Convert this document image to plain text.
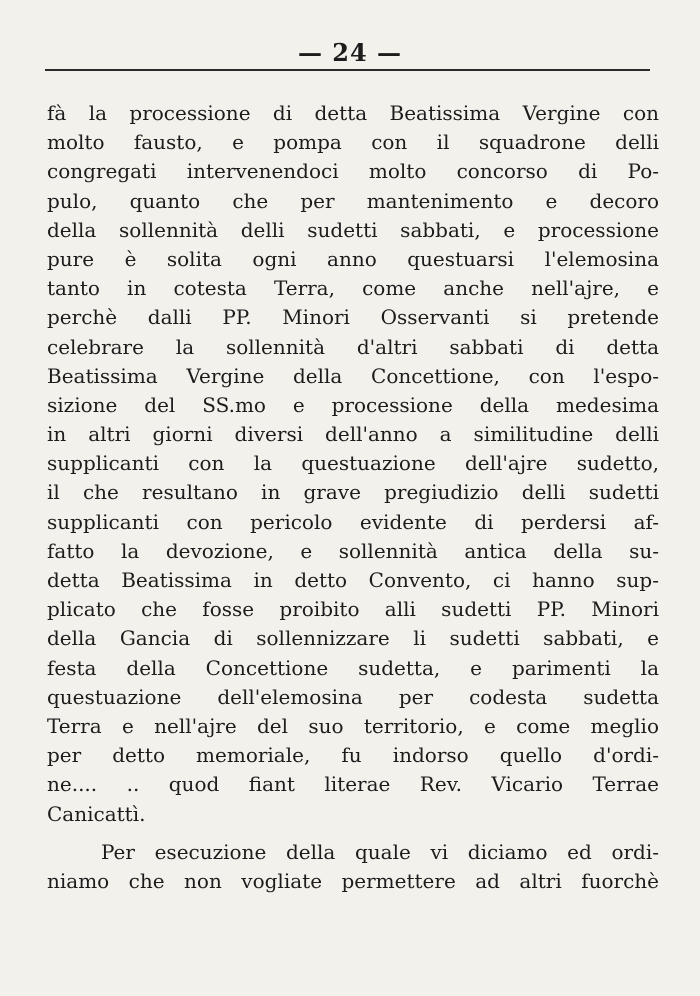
— 24 —
fà la processione di detta Beatissima Vergine con
molto fausto, e pompa con il squadrone delli
congregati intervenendoci molto concorso di Po-
pulo, quanto che per mantenimento e decoro
della sollennità delli sudetti sabbati, e processione
pure è solita ogni anno questuarsi l'elemosina
tanto in cotesta Terra, come anche nell'ajre, e
perchè dalli PP. Minori Osservanti si pretende
celebrare la sollennità d'altri sabbati di detta
Beatissima Vergine della Concettione, con l'espo-
sizione del SS.mo e processione della medesima
in altri giorni diversi dell'anno a similitudine delli
supplicanti con la questuazione dell'ajre sudetto,
il che resultano in grave pregiudizio delli sudetti
supplicanti con pericolo evidente di perdersi af-
fatto la devozione, e sollennità antica della su-
detta Beatissima in detto Convento, ci hanno sup-
plicato che fosse proibito alli sudetti PP. Minori
della Gancia di sollennizzare li sudetti sabbati, e
festa della Concettione sudetta, e parimenti la
questuazione dell'elemosina per codesta sudetta
Terra e nell'ajre del suo territorio, e come meglio
per detto memoriale, fu indorso quello d'ordi-
ne.... .. quod fiant literae Rev. Vicario Terrae
Canicattì.
Per esecuzione della quale vi diciamo ed ordi-
niamo che non vogliate permettere ad altri fuorchè
